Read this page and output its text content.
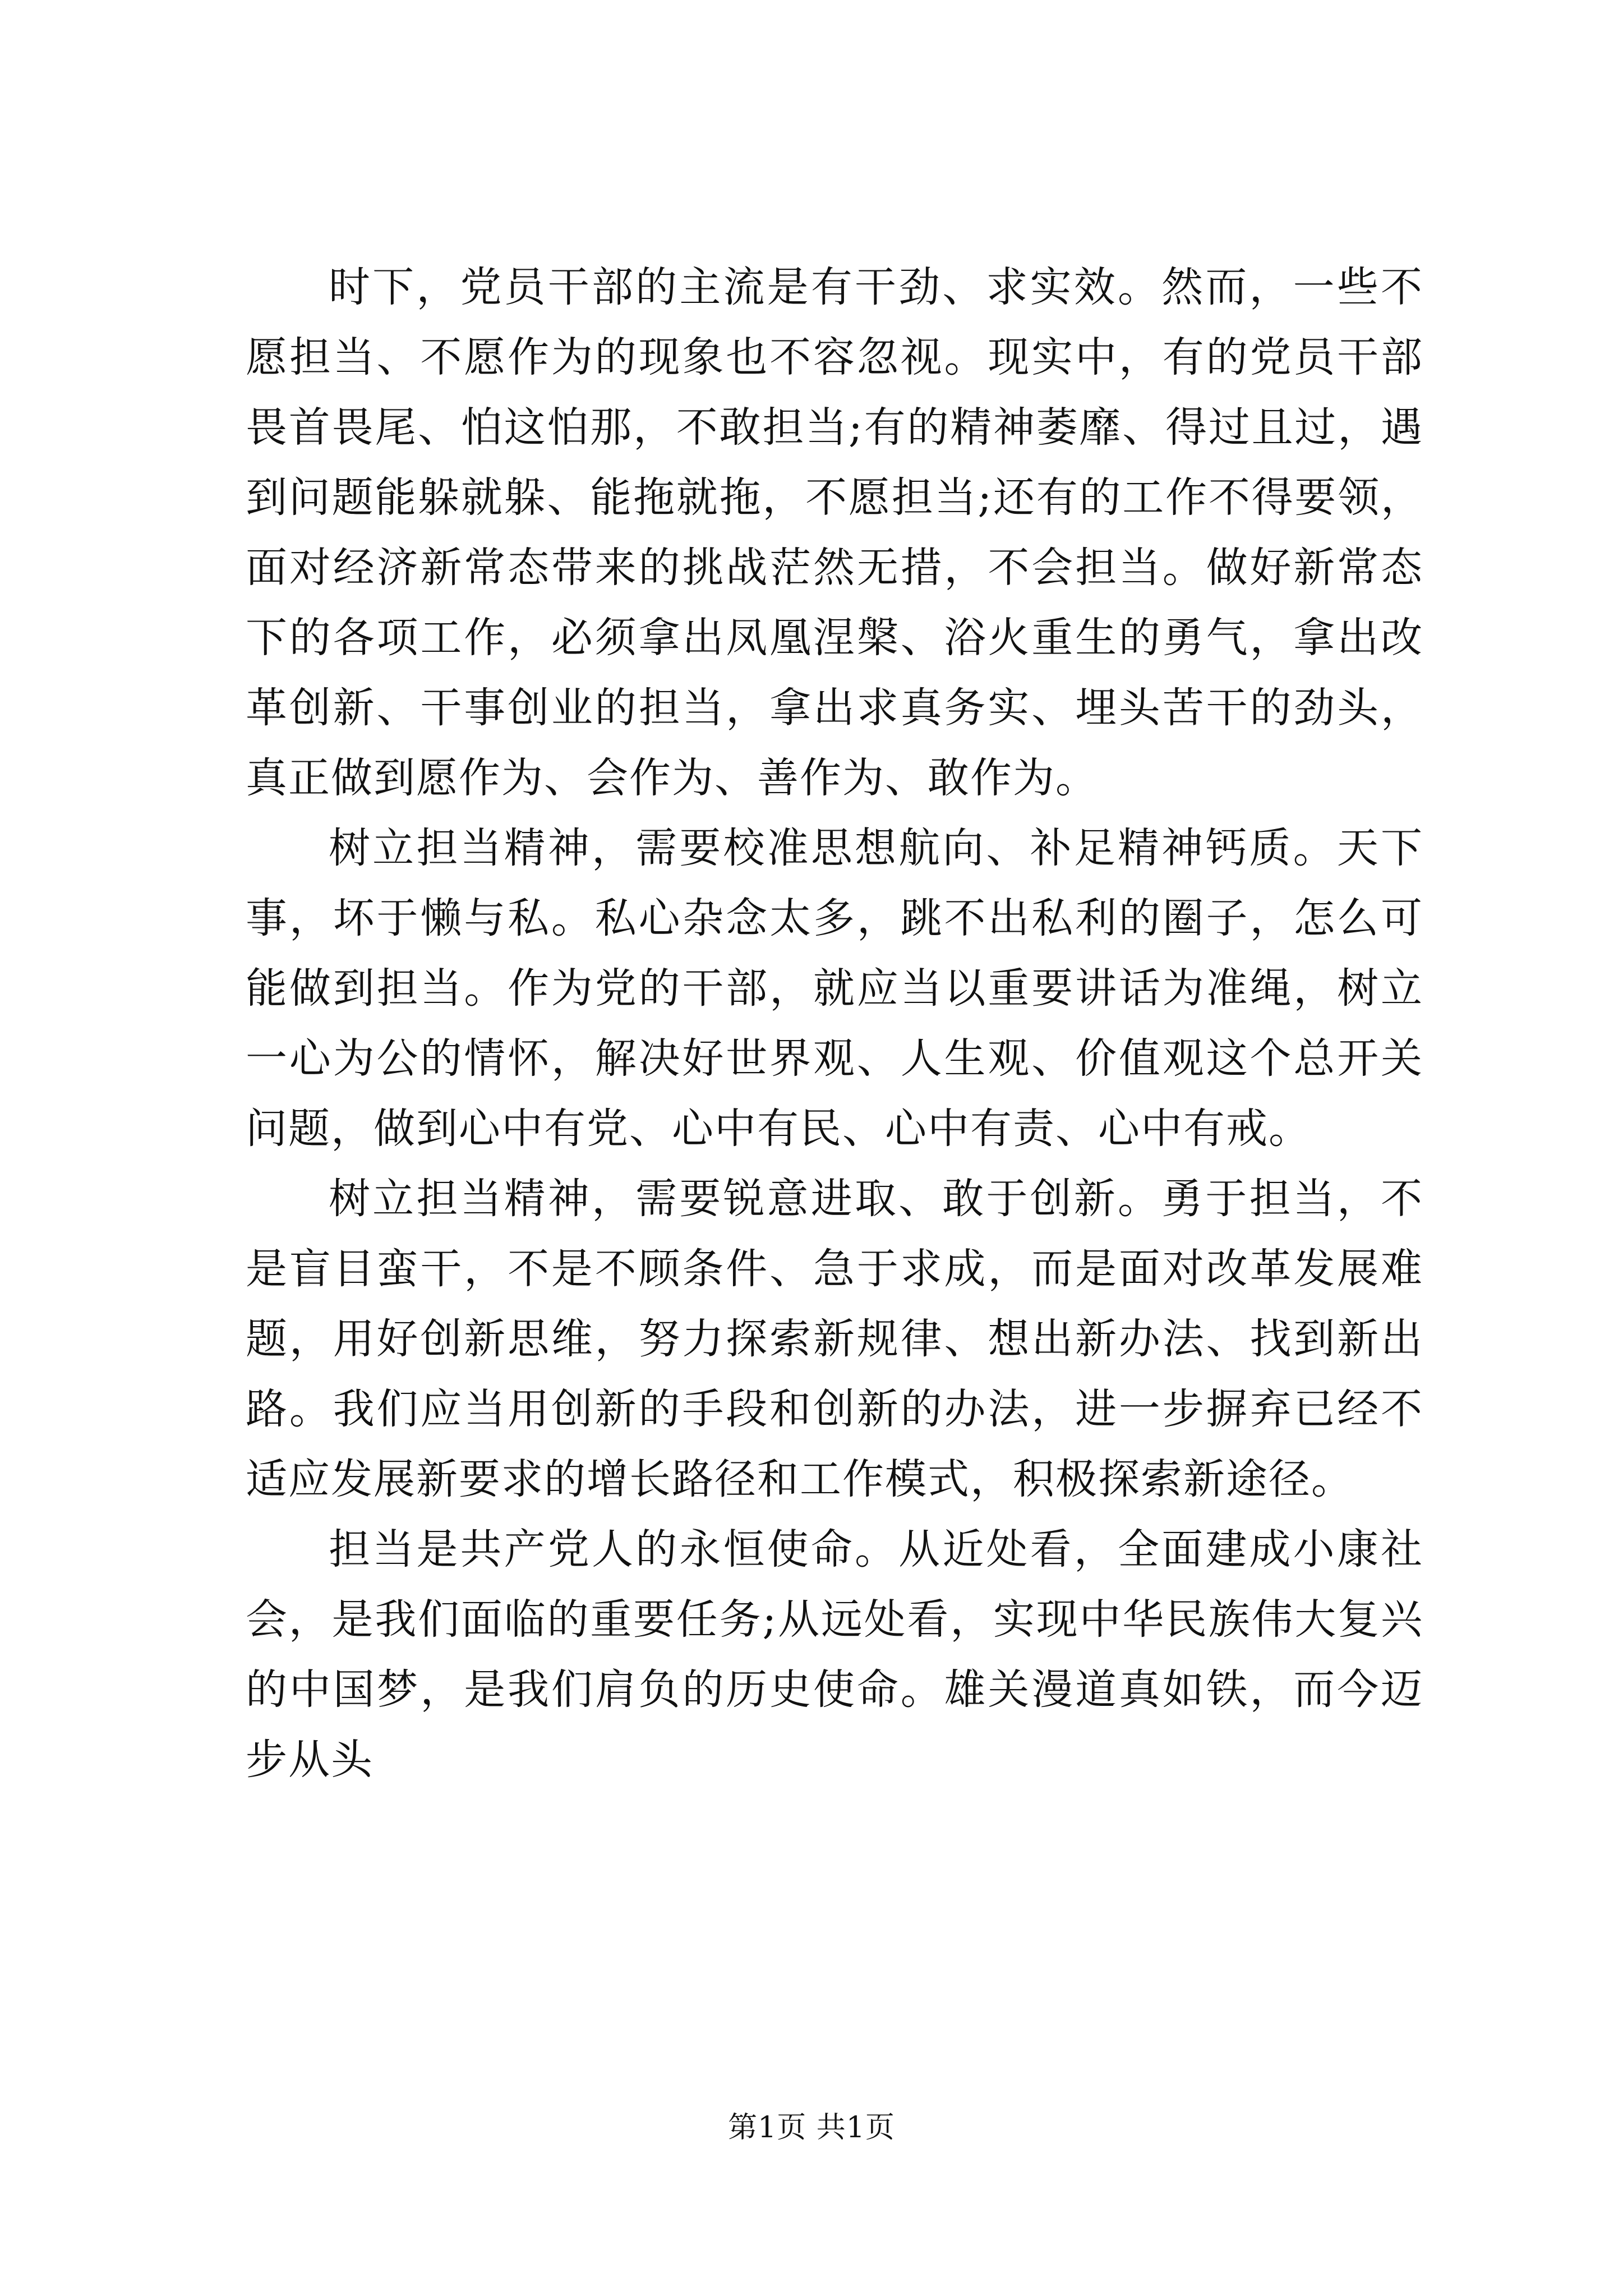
时下，党员干部的主流是有干劲、求实效。然而，一些不愿担当、不愿作为的现象也不容忽视。现实中，有的党员干部畏首畏尾、怕这怕那，不敢担当;有的精神萎靡、得过且过，遇到问题能躲就躲、能拖就拖，不愿担当;还有的工作不得要领，面对经济新常态带来的挑战茫然无措，不会担当。做好新常态下的各项工作，必须拿出凤凰涅槃、浴火重生的勇气，拿出改革创新、干事创业的担当，拿出求真务实、埋头苦干的劲头，真正做到愿作为、会作为、善作为、敢作为。

树立担当精神，需要校准思想航向、补足精神钙质。天下事，坏于懒与私。私心杂念太多，跳不出私利的圈子，怎么可能做到担当。作为党的干部，就应当以重要讲话为准绳，树立一心为公的情怀，解决好世界观、人生观、价值观这个总开关问题，做到心中有党、心中有民、心中有责、心中有戒。

树立担当精神，需要锐意进取、敢于创新。勇于担当，不是盲目蛮干，不是不顾条件、急于求成，而是面对改革发展难题，用好创新思维，努力探索新规律、想出新办法、找到新出路。我们应当用创新的手段和创新的办法，进一步摒弃已经不适应发展新要求的增长路径和工作模式，积极探索新途径。

担当是共产党人的永恒使命。从近处看，全面建成小康社会，是我们面临的重要任务;从远处看，实现中华民族伟大复兴的中国梦，是我们肩负的历史使命。雄关漫道真如铁，而今迈步从头

第1页 共1页
